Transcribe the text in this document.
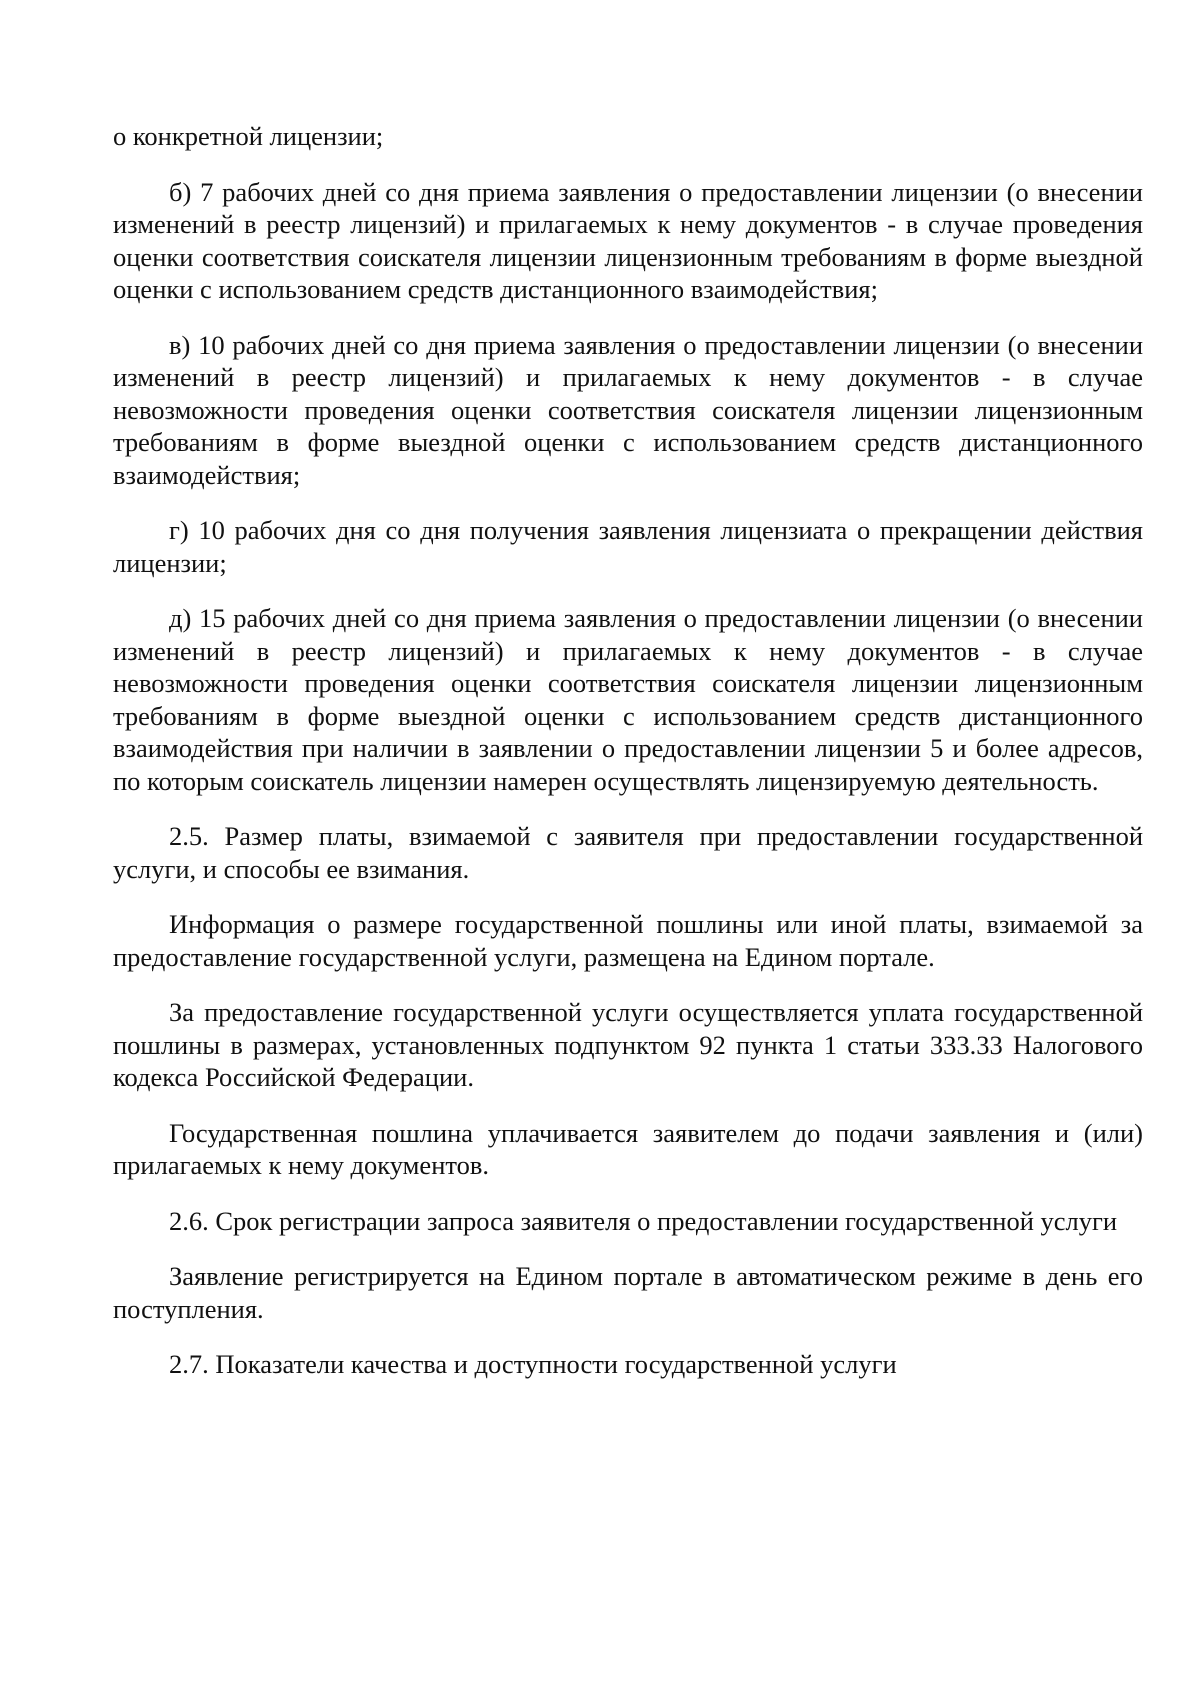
о конкретной лицензии;

б) 7 рабочих дней со дня приема заявления о предоставлении лицензии (о внесении изменений в реестр лицензий) и прилагаемых к нему документов - в случае проведения оценки соответствия соискателя лицензии лицензионным требованиям в форме выездной оценки с использованием средств дистанционного взаимодействия;

в) 10 рабочих дней со дня приема заявления о предоставлении лицензии (о внесении изменений в реестр лицензий) и прилагаемых к нему документов - в случае невозможности проведения оценки соответствия соискателя лицензии лицензионным требованиям в форме выездной оценки с использованием средств дистанционного взаимодействия;

г) 10 рабочих дня со дня получения заявления лицензиата о прекращении действия лицензии;

д) 15 рабочих дней со дня приема заявления о предоставлении лицензии (о внесении изменений в реестр лицензий) и прилагаемых к нему документов - в случае невозможности проведения оценки соответствия соискателя лицензии лицензионным требованиям в форме выездной оценки с использованием средств дистанционного взаимодействия при наличии в заявлении о предоставлении лицензии 5 и более адресов, по которым соискатель лицензии намерен осуществлять лицензируемую деятельность.

2.5. Размер платы, взимаемой с заявителя при предоставлении государственной услуги, и способы ее взимания.

Информация о размере государственной пошлины или иной платы, взимаемой за предоставление государственной услуги, размещена на Едином портале.

За предоставление государственной услуги осуществляется уплата государственной пошлины в размерах, установленных подпунктом 92 пункта 1 статьи 333.33 Налогового кодекса Российской Федерации.

Государственная пошлина уплачивается заявителем до подачи заявления и (или) прилагаемых к нему документов.

2.6. Срок регистрации запроса заявителя о предоставлении государственной услуги

Заявление регистрируется на Едином портале в автоматическом режиме в день его поступления.

2.7. Показатели качества и доступности государственной услуги
